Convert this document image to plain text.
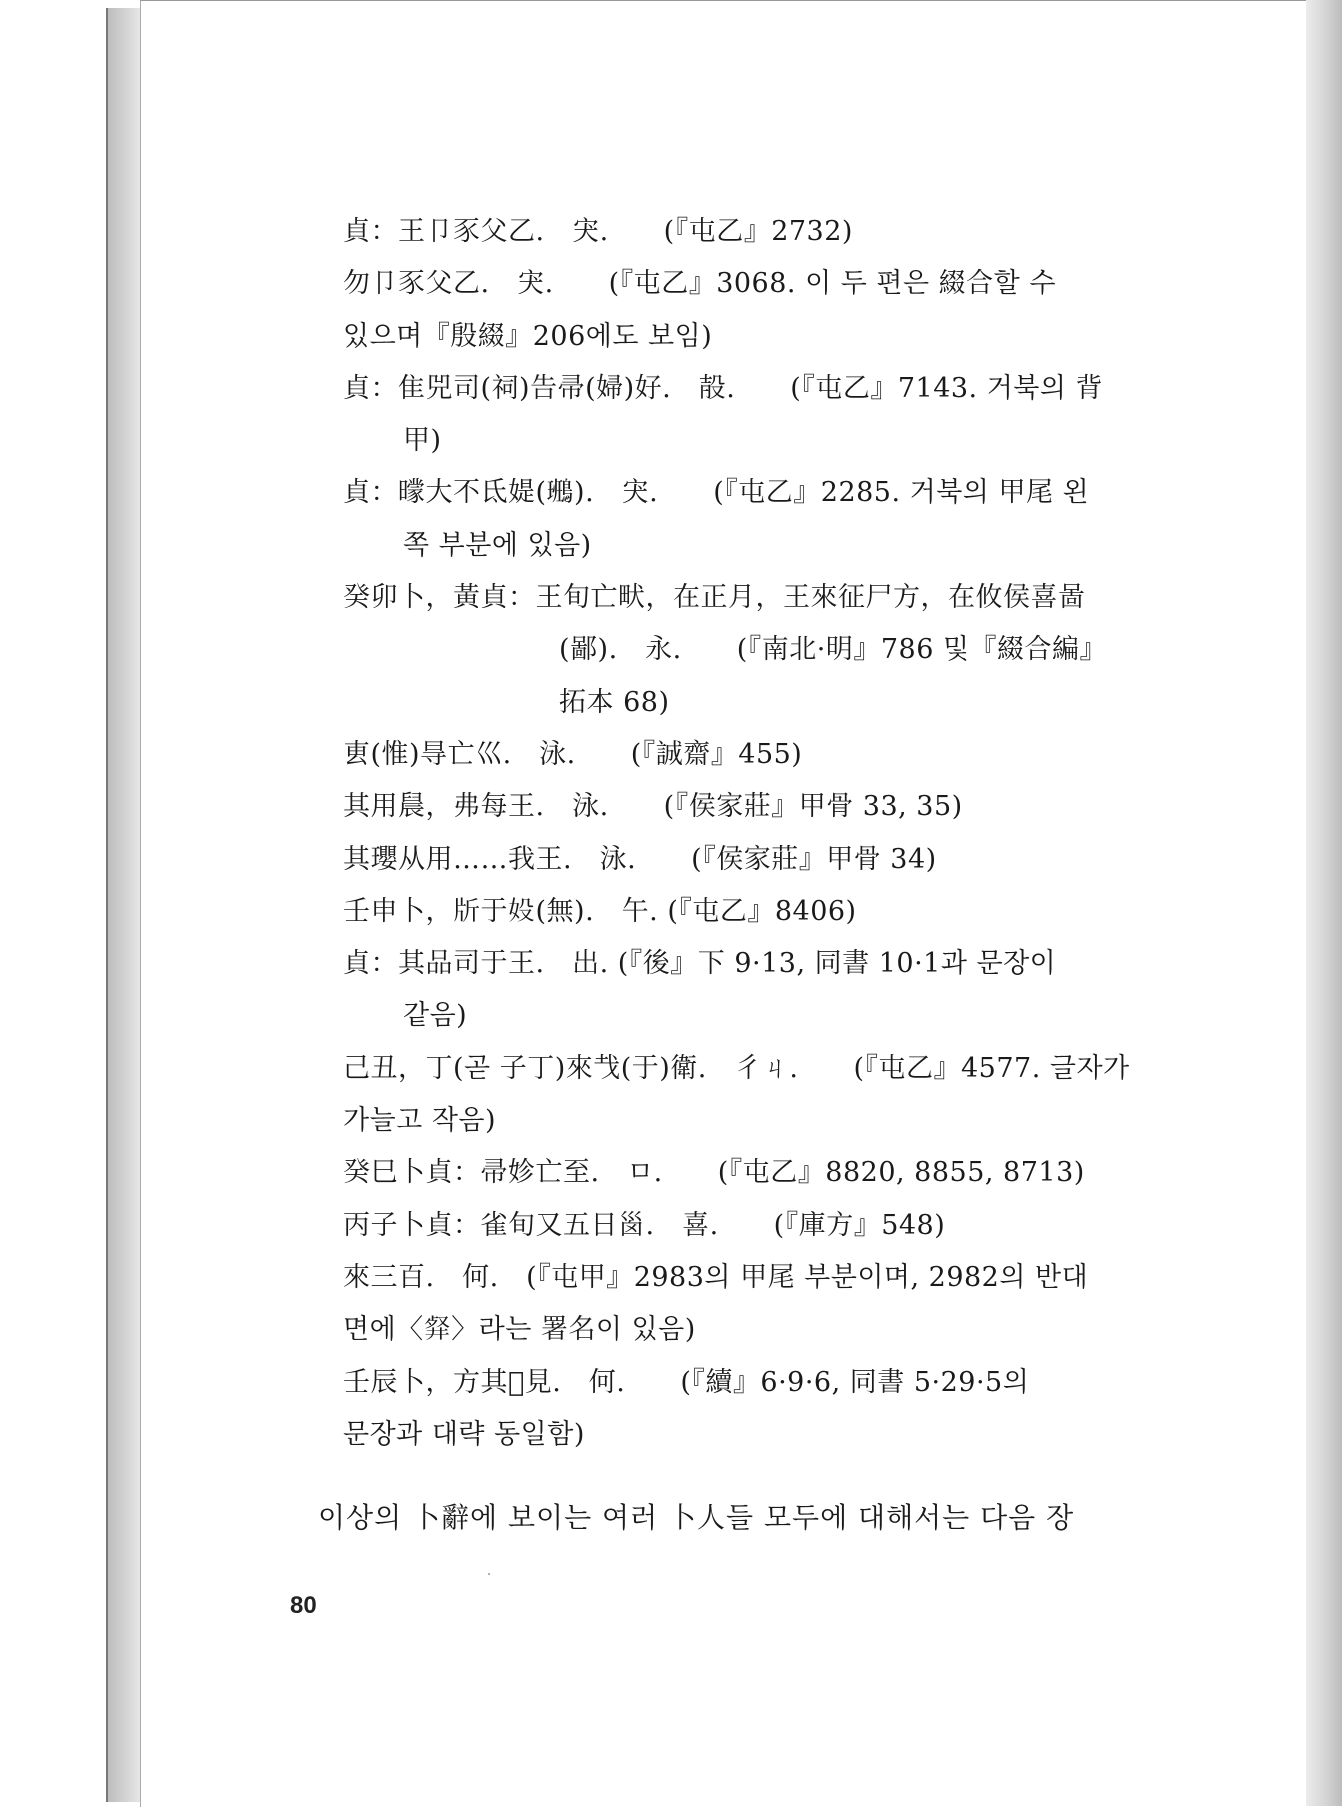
貞：王卩豕父乙.　宊.　　(『屯乙』2732)
勿卩豕父乙.　宊.　　(『屯乙』3068. 이 두 편은 綴合할 수
있으며『殷綴』206에도 보임)
貞：隹兕司(祠)告帚(婦)好.　㱿.　　(『屯乙』7143. 거북의 背
甲)
貞：𣋡大不氐媞(𪄕).　宊.　　(『屯乙』2285. 거북의 甲尾 왼
쪽 부분에 있음)
癸卯卜，黃貞：王旬亡畎，在正月，王來征尸方，在攸侯喜啚
(鄙).　永.　　(『南北·明』786 및『綴合編』
拓本 68)
叀(惟)㝵亡巛.　泳.　　(『誠齋』455)
其用䢅，弗每王.　泳.　　(『侯家莊』甲骨 33, 35)
其瓔从用……我王.　泳.　　(『侯家莊』甲骨 34)
壬申卜，𣂔于𡚾(無).　午. (『屯乙』8406)
貞：其品司于王.　出. (『後』下 9·13, 同書 10·1과 문장이
같음)
己丑，丁(곧 子丁)來𢦏(于)衛.　彳ㄐ.　　(『屯乙』4577. 글자가
가늘고 작음)
癸巳卜貞：帚𡛧亡至.　ㅁ.　　(『屯乙』8820, 8855, 8713)
丙子卜貞：雀旬又五日𡿺.　喜.　　(『庫方』548)
來三百.　何.　(『屯甲』2983의 甲尾 부분이며, 2982의 반대
면에〈𠭘〉라는 署名이 있음)
壬辰卜，方其𦎫見.　何.　　(『續』6·9·6, 同書 5·29·5의
문장과 대략 동일함)
이상의 卜辭에 보이는 여러 卜人들 모두에 대해서는 다음 장
80
